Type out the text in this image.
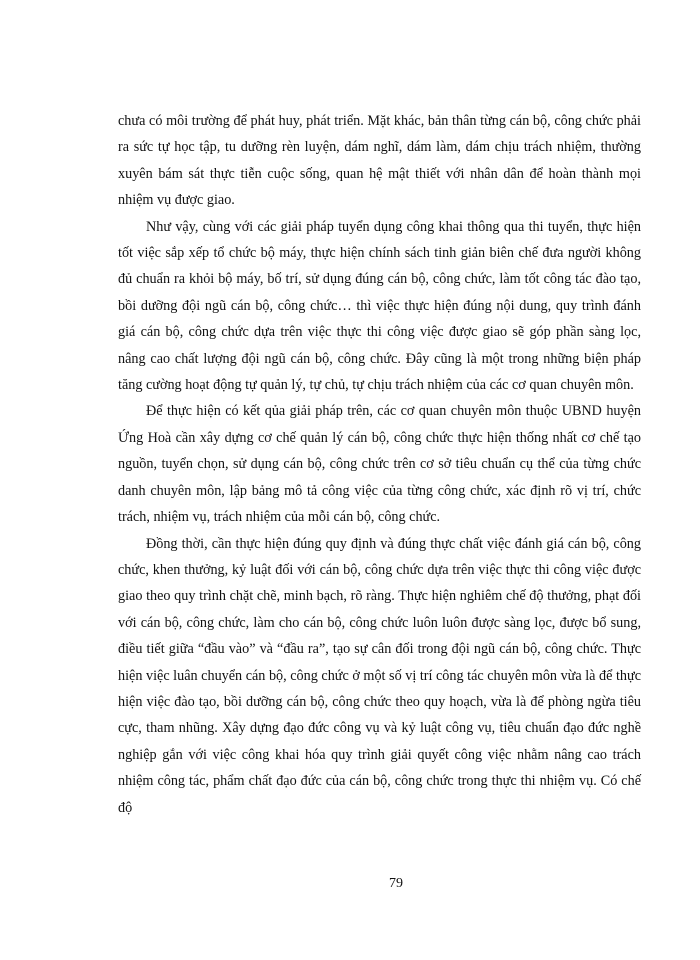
chưa có môi trường để phát huy, phát triển. Mặt khác, bản thân từng cán bộ, công chức phải ra sức tự học tập, tu dưỡng rèn luyện, dám nghĩ, dám làm, dám chịu trách nhiệm, thường xuyên bám sát thực tiễn cuộc sống, quan hệ mật thiết với nhân dân để hoàn thành mọi nhiệm vụ được giao.

Như vậy, cùng với các giải pháp tuyển dụng công khai thông qua thi tuyển, thực hiện tốt việc sắp xếp tổ chức bộ máy, thực hiện chính sách tinh giản biên chế đưa người không đủ chuẩn ra khỏi bộ máy, bố trí, sử dụng đúng cán bộ, công chức, làm tốt công tác đào tạo, bồi dưỡng đội ngũ cán bộ, công chức… thì việc thực hiện đúng nội dung, quy trình đánh giá cán bộ, công chức dựa trên việc thực thi công việc được giao sẽ góp phần sàng lọc, nâng cao chất lượng đội ngũ cán bộ, công chức. Đây cũng là một trong những biện pháp tăng cường hoạt động tự quản lý, tự chủ, tự chịu trách nhiệm của các cơ quan chuyên môn.

Để thực hiện có kết qủa giải pháp trên, các cơ quan chuyên môn thuộc UBND huyện Ứng Hoà cần xây dựng cơ chế quản lý cán bộ, công chức thực hiện thống nhất cơ chế tạo nguồn, tuyển chọn, sử dụng cán bộ, công chức trên cơ sở tiêu chuẩn cụ thể của từng chức danh chuyên môn, lập bảng mô tả công việc của từng công chức, xác định rõ vị trí, chức trách, nhiệm vụ, trách nhiệm của mỗi cán bộ, công chức.

Đồng thời, cần thực hiện đúng quy định và đúng thực chất việc đánh giá cán bộ, công chức, khen thưởng, kỷ luật đối với cán bộ, công chức dựa trên việc thực thi công việc được giao theo quy trình chặt chẽ, minh bạch, rõ ràng. Thực hiện nghiêm chế độ thưởng, phạt đối với cán bộ, công chức, làm cho cán bộ, công chức luôn luôn được sàng lọc, được bổ sung, điều tiết giữa “đầu vào” và “đầu ra”, tạo sự cân đối trong đội ngũ cán bộ, công chức. Thực hiện việc luân chuyển cán bộ, công chức ở một số vị trí công tác chuyên môn vừa là để thực hiện việc đào tạo, bồi dưỡng cán bộ, công chức theo quy hoạch, vừa là để phòng ngừa tiêu cực, tham nhũng. Xây dựng đạo đức công vụ và kỷ luật công vụ, tiêu chuẩn đạo đức nghề nghiệp gắn với việc công khai hóa quy trình giải quyết công việc nhằm nâng cao trách nhiệm công tác, phẩm chất đạo đức của cán bộ, công chức trong thực thi nhiệm vụ. Có chế độ

79
